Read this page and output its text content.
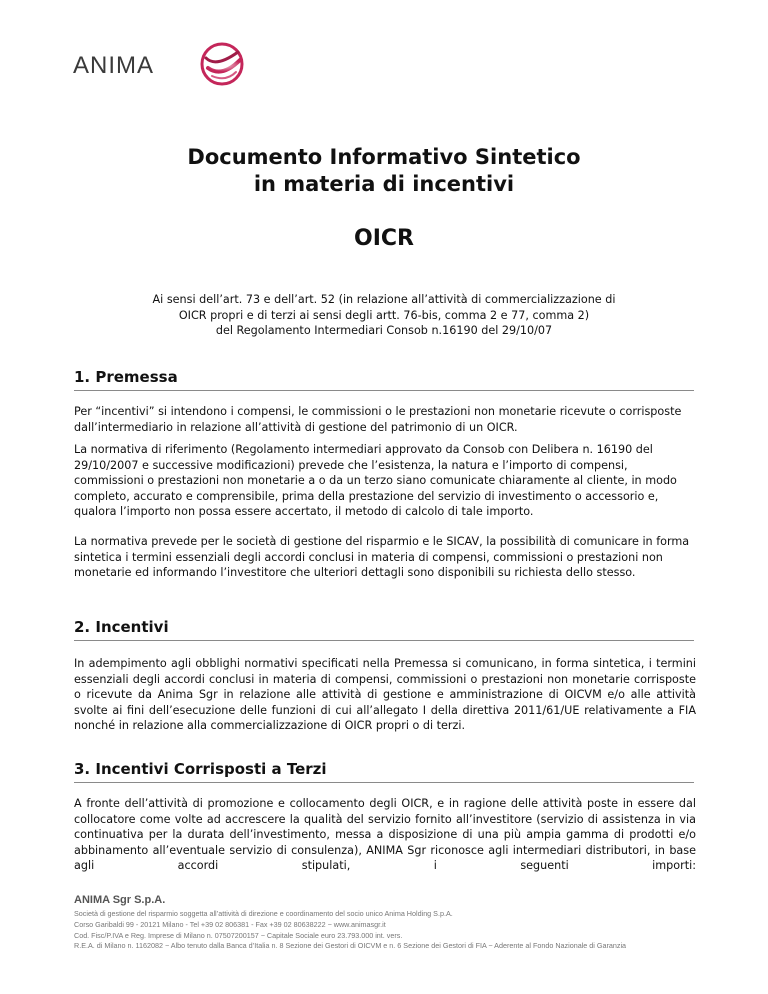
ANIMA
Documento Informativo Sintetico
in materia di incentivi
OICR
Ai sensi dell’art. 73 e dell’art. 52 (in relazione all’attività di commercializzazione di
OICR propri e di terzi ai sensi degli artt. 76-bis, comma 2 e 77, comma 2)
del Regolamento Intermediari Consob n.16190 del 29/10/07
1. Premessa

Per “incentivi” si intendono i compensi, le commissioni o le prestazioni non monetarie ricevute o corrisposte dall’intermediario in relazione all’attività di gestione del patrimonio di un OICR.

La normativa di riferimento (Regolamento intermediari approvato da Consob con Delibera n. 16190 del 29/10/2007 e successive modificazioni) prevede che l’esistenza, la natura e l’importo di compensi, commissioni o prestazioni non monetarie a o da un terzo siano comunicate chiaramente al cliente, in modo completo, accurato e comprensibile, prima della prestazione del servizio di investimento o accessorio e, qualora l’importo non possa essere accertato, il metodo di calcolo di tale importo.

La normativa prevede per le società di gestione del risparmio e le SICAV, la possibilità di comunicare in forma sintetica i termini essenziali degli accordi conclusi in materia di compensi, commissioni o prestazioni non monetarie ed informando l’investitore che ulteriori dettagli sono disponibili su richiesta dello stesso.

2. Incentivi

In adempimento agli obblighi normativi specificati nella Premessa si comunicano, in forma sintetica, i termini essenziali degli accordi conclusi in materia di compensi, commissioni o prestazioni non monetarie corrisposte o ricevute da Anima Sgr in relazione alle attività di gestione e amministrazione di OICVM e/o alle attività svolte ai fini dell’esecuzione delle funzioni di cui all’allegato I della direttiva 2011/61/UE relativamente a FIA nonché in relazione alla commercializzazione di OICR propri o di terzi.

3. Incentivi Corrisposti a Terzi

A fronte dell’attività di promozione e collocamento degli OICR, e in ragione delle attività poste in essere dal collocatore come volte ad accrescere la qualità del servizio fornito all’investitore (servizio di assistenza in via continuativa per la durata dell’investimento, messa a disposizione di una più ampia gamma di prodotti e/o abbinamento all’eventuale servizio di consulenza), ANIMA Sgr riconosce agli intermediari distributori, in base agli accordi stipulati, i seguenti importi:

ANIMA Sgr S.p.A.
Società di gestione del risparmio soggetta all’attività di direzione e coordinamento del socio unico Anima Holding S.p.A.
Corso Garibaldi 99 - 20121 Milano - Tel +39 02 806381 - Fax +39 02 80638222 − www.animasgr.it
Cod. Fisc/P.IVA e Reg. Imprese di Milano n. 07507200157 − Capitale Sociale euro 23.793.000 int. vers.
R.E.A. di Milano n. 1162082 − Albo tenuto dalla Banca d’Italia n. 8 Sezione dei Gestori di OICVM e n. 6 Sezione dei Gestori di FIA − Aderente al Fondo Nazionale di Garanzia
